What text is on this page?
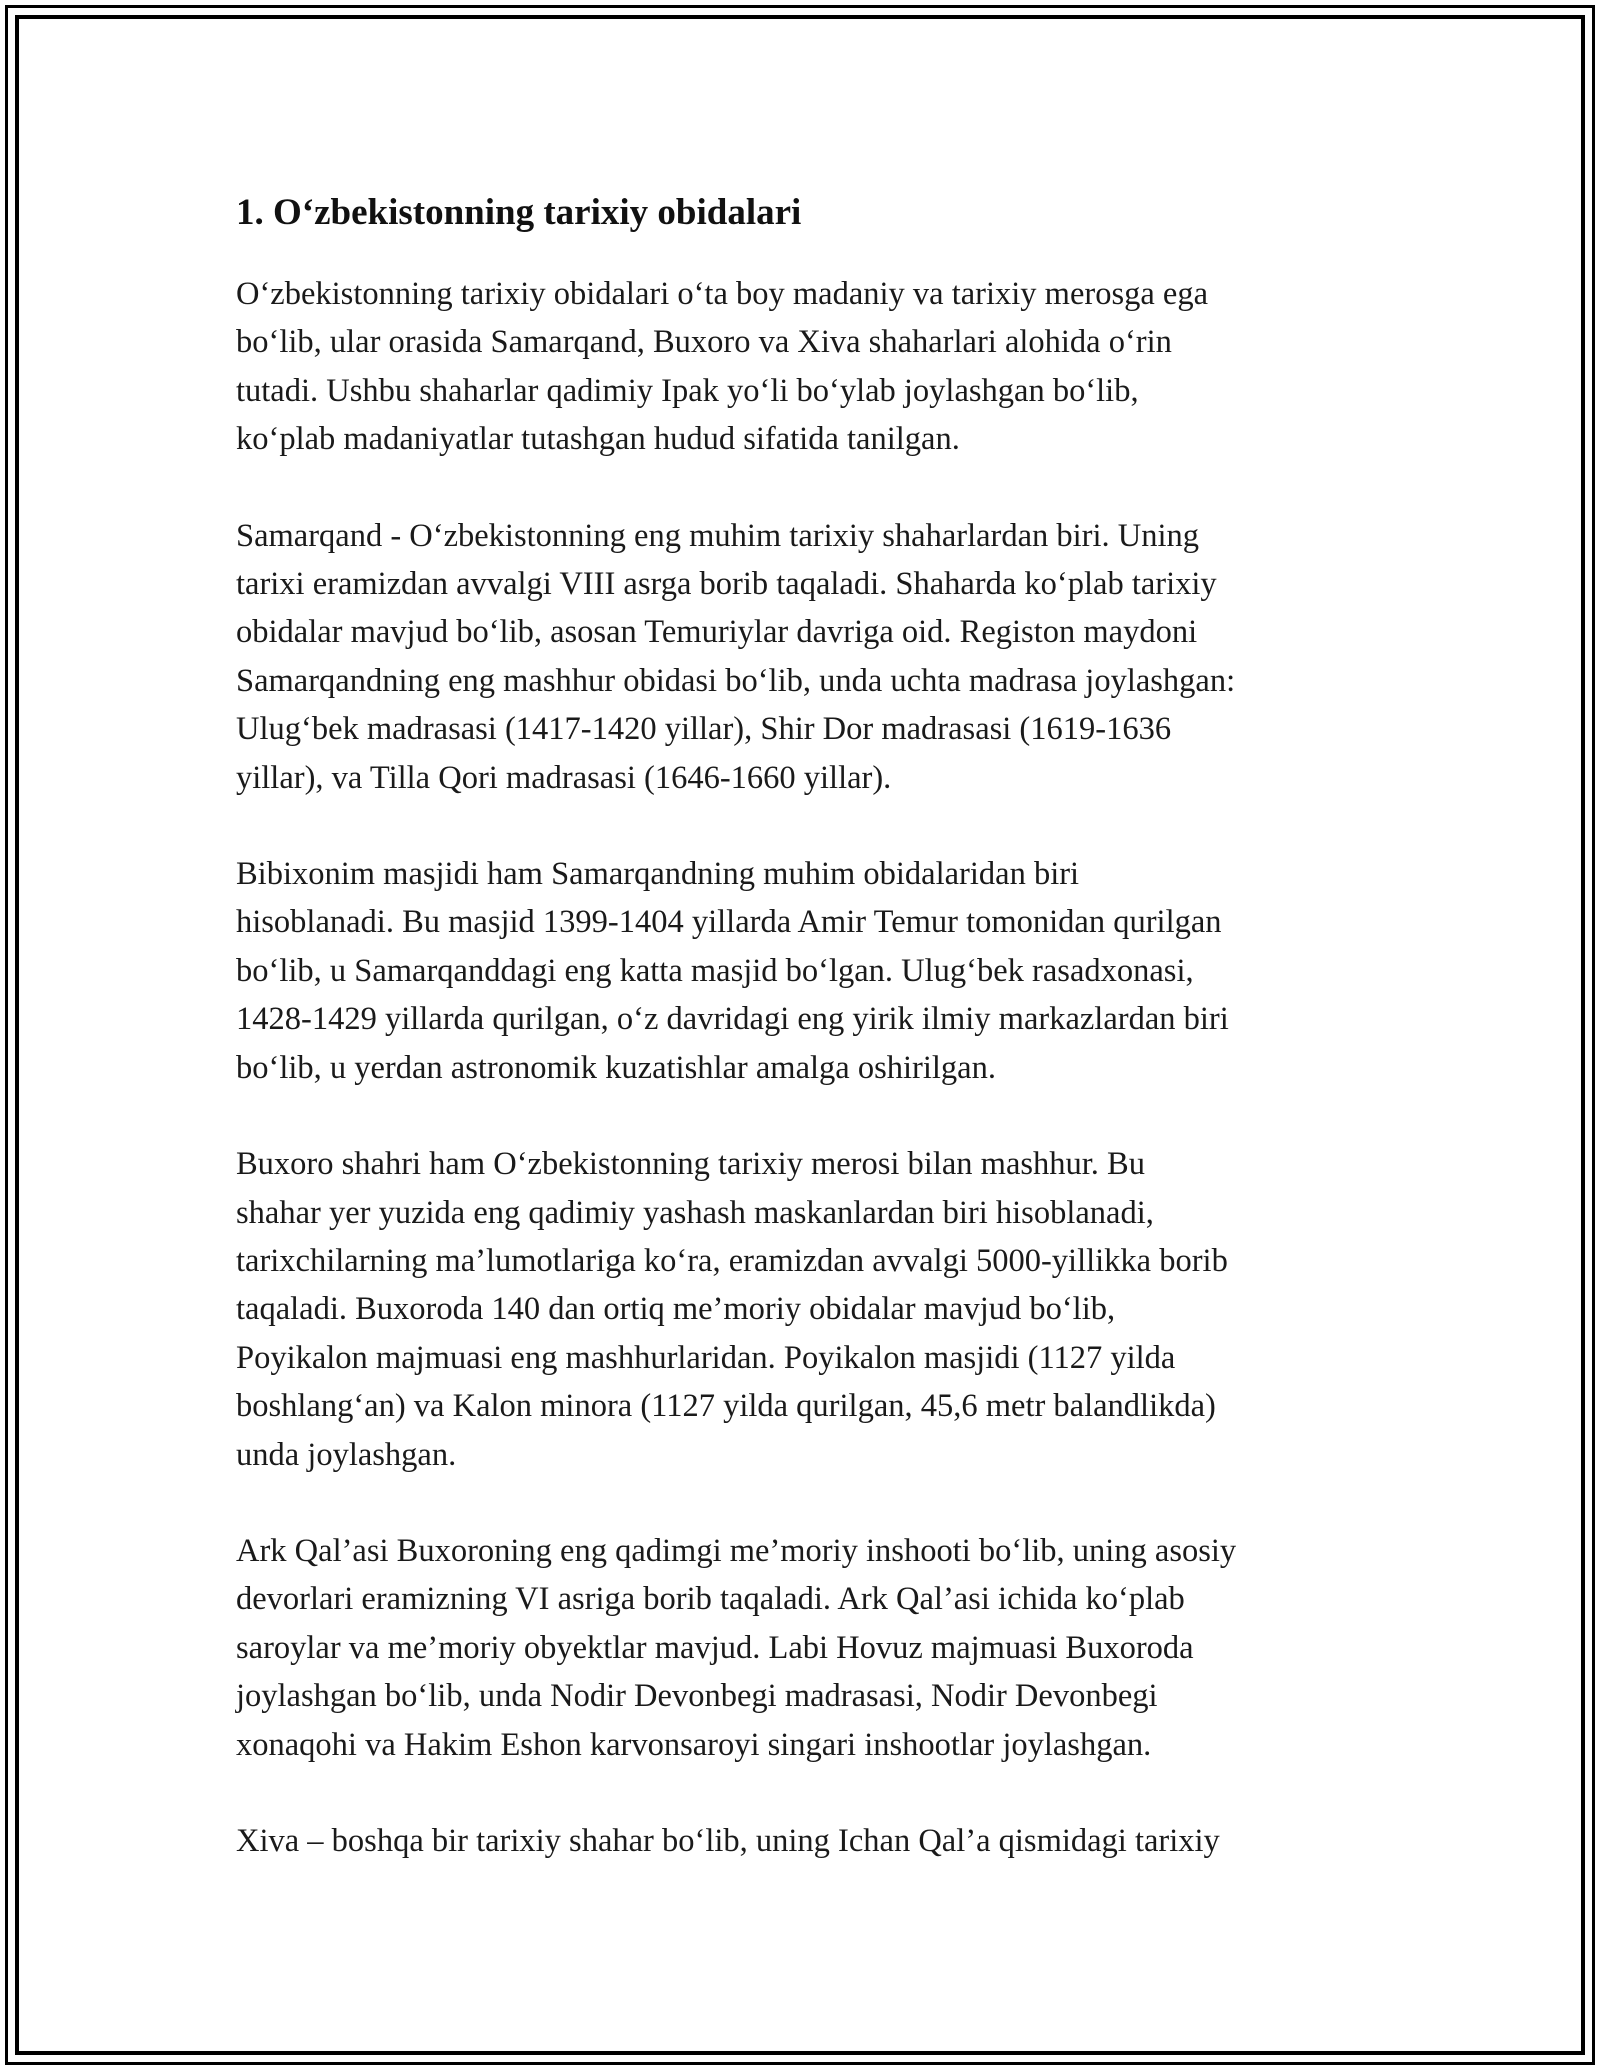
1. O‘zbekistonning tarixiy obidalari

O‘zbekistonning tarixiy obidalari o‘ta boy madaniy va tarixiy merosga ega
bo‘lib, ular orasida Samarqand, Buxoro va Xiva shaharlari alohida o‘rin
tutadi. Ushbu shaharlar qadimiy Ipak yo‘li bo‘ylab joylashgan bo‘lib,
ko‘plab madaniyatlar tutashgan hudud sifatida tanilgan.

Samarqand - O‘zbekistonning eng muhim tarixiy shaharlardan biri. Uning
tarixi eramizdan avvalgi VIII asrga borib taqaladi. Shaharda ko‘plab tarixiy
obidalar mavjud bo‘lib, asosan Temuriylar davriga oid. Registon maydoni
Samarqandning eng mashhur obidasi bo‘lib, unda uchta madrasa joylashgan:
Ulug‘bek madrasasi (1417-1420 yillar), Shir Dor madrasasi (1619-1636
yillar), va Tilla Qori madrasasi (1646-1660 yillar).

Bibixonim masjidi ham Samarqandning muhim obidalaridan biri
hisoblanadi. Bu masjid 1399-1404 yillarda Amir Temur tomonidan qurilgan
bo‘lib, u Samarqanddagi eng katta masjid bo‘lgan. Ulug‘bek rasadxonasi,
1428-1429 yillarda qurilgan, o‘z davridagi eng yirik ilmiy markazlardan biri
bo‘lib, u yerdan astronomik kuzatishlar amalga oshirilgan.

Buxoro shahri ham O‘zbekistonning tarixiy merosi bilan mashhur. Bu
shahar yer yuzida eng qadimiy yashash maskanlardan biri hisoblanadi,
tarixchilarning ma’lumotlariga ko‘ra, eramizdan avvalgi 5000-yillikka borib
taqaladi. Buxoroda 140 dan ortiq me’moriy obidalar mavjud bo‘lib,
Poyikalon majmuasi eng mashhurlaridan. Poyikalon masjidi (1127 yilda
boshlang‘an) va Kalon minora (1127 yilda qurilgan, 45,6 metr balandlikda)
unda joylashgan.

Ark Qal’asi Buxoroning eng qadimgi me’moriy inshooti bo‘lib, uning asosiy
devorlari eramizning VI asriga borib taqaladi. Ark Qal’asi ichida ko‘plab
saroylar va me’moriy obyektlar mavjud. Labi Hovuz majmuasi Buxoroda
joylashgan bo‘lib, unda Nodir Devonbegi madrasasi, Nodir Devonbegi
xonaqohi va Hakim Eshon karvonsaroyi singari inshootlar joylashgan.

Xiva – boshqa bir tarixiy shahar bo‘lib, uning Ichan Qal’a qismidagi tarixiy
